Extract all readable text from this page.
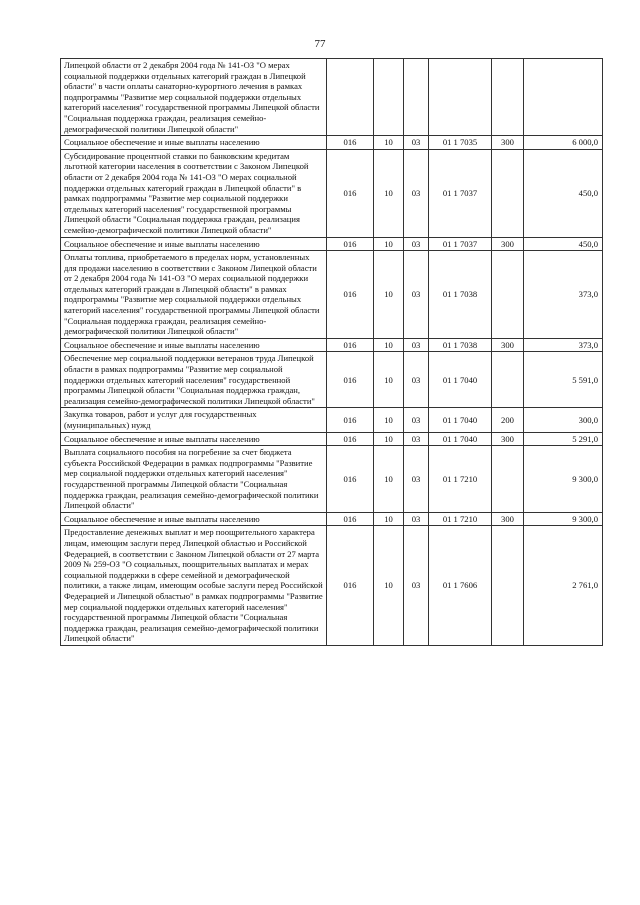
77
Липецкой области от 2 декабря 2004 года № 141-ОЗ "О мерах социальной поддержки отдельных категорий граждан в Липецкой области" в части оплаты санаторно-курортного лечения в рамках подпрограммы "Развитие мер социальной поддержки отдельных категорий населения" государственной программы Липецкой области "Социальная поддержка граждан, реализация семейно-демографической политики Липецкой области"						
Социальное обеспечение и иные выплаты населению	016	10	03	01 1 7035	300	6 000,0
Субсидирование процентной ставки по банковским кредитам льготной категории населения в соответствии с Законом Липецкой области от 2 декабря 2004 года № 141-ОЗ "О мерах социальной поддержки отдельных категорий граждан в Липецкой области" в рамках подпрограммы "Развитие мер социальной поддержки отдельных категорий населения" государственной программы Липецкой области "Социальная поддержка граждан, реализация семейно-демографической политики Липецкой области"	016	10	03	01 1 7037		450,0
Социальное обеспечение и иные выплаты населению	016	10	03	01 1 7037	300	450,0
Оплаты топлива, приобретаемого в пределах норм, установленных для продажи населению в соответствии с Законом Липецкой области от 2 декабря 2004 года № 141-ОЗ "О мерах социальной поддержки отдельных категорий граждан в Липецкой области" в рамках подпрограммы "Развитие мер социальной поддержки отдельных категорий населения" государственной программы Липецкой области "Социальная поддержка граждан, реализация семейно-демографической политики Липецкой области"	016	10	03	01 1 7038		373,0
Социальное обеспечение и иные выплаты населению	016	10	03	01 1 7038	300	373,0
Обеспечение мер социальной поддержки ветеранов труда Липецкой области в рамках подпрограммы "Развитие мер социальной поддержки отдельных категорий населения" государственной программы Липецкой области "Социальная поддержка граждан, реализация семейно-демографической политики Липецкой области"	016	10	03	01 1 7040		5 591,0
Закупка товаров, работ и услуг для государственных (муниципальных) нужд	016	10	03	01 1 7040	200	300,0
Социальное обеспечение и иные выплаты населению	016	10	03	01 1 7040	300	5 291,0
Выплата социального пособия на погребение за счет бюджета субъекта Российской Федерации в рамках подпрограммы "Развитие мер социальной поддержки отдельных категорий населения" государственной программы Липецкой области "Социальная поддержка граждан, реализация семейно-демографической политики Липецкой области"	016	10	03	01 1 7210		9 300,0
Социальное обеспечение и иные выплаты населению	016	10	03	01 1 7210	300	9 300,0
Предоставление денежных выплат и мер поощрительного характера лицам, имеющим заслуги перед Липецкой областью и Российской Федерацией, в соответствии с Законом Липецкой области от 27 марта 2009 № 259-ОЗ "О социальных, поощрительных выплатах и мерах социальной поддержки в сфере семейной и демографической политики, а также лицам, имеющим особые заслуги перед Российской Федерацией и Липецкой областью" в рамках подпрограммы "Развитие мер социальной поддержки отдельных категорий населения" государственной программы Липецкой области "Социальная поддержка граждан, реализация семейно-демографической политики Липецкой области"	016	10	03	01 1 7606		2 761,0
